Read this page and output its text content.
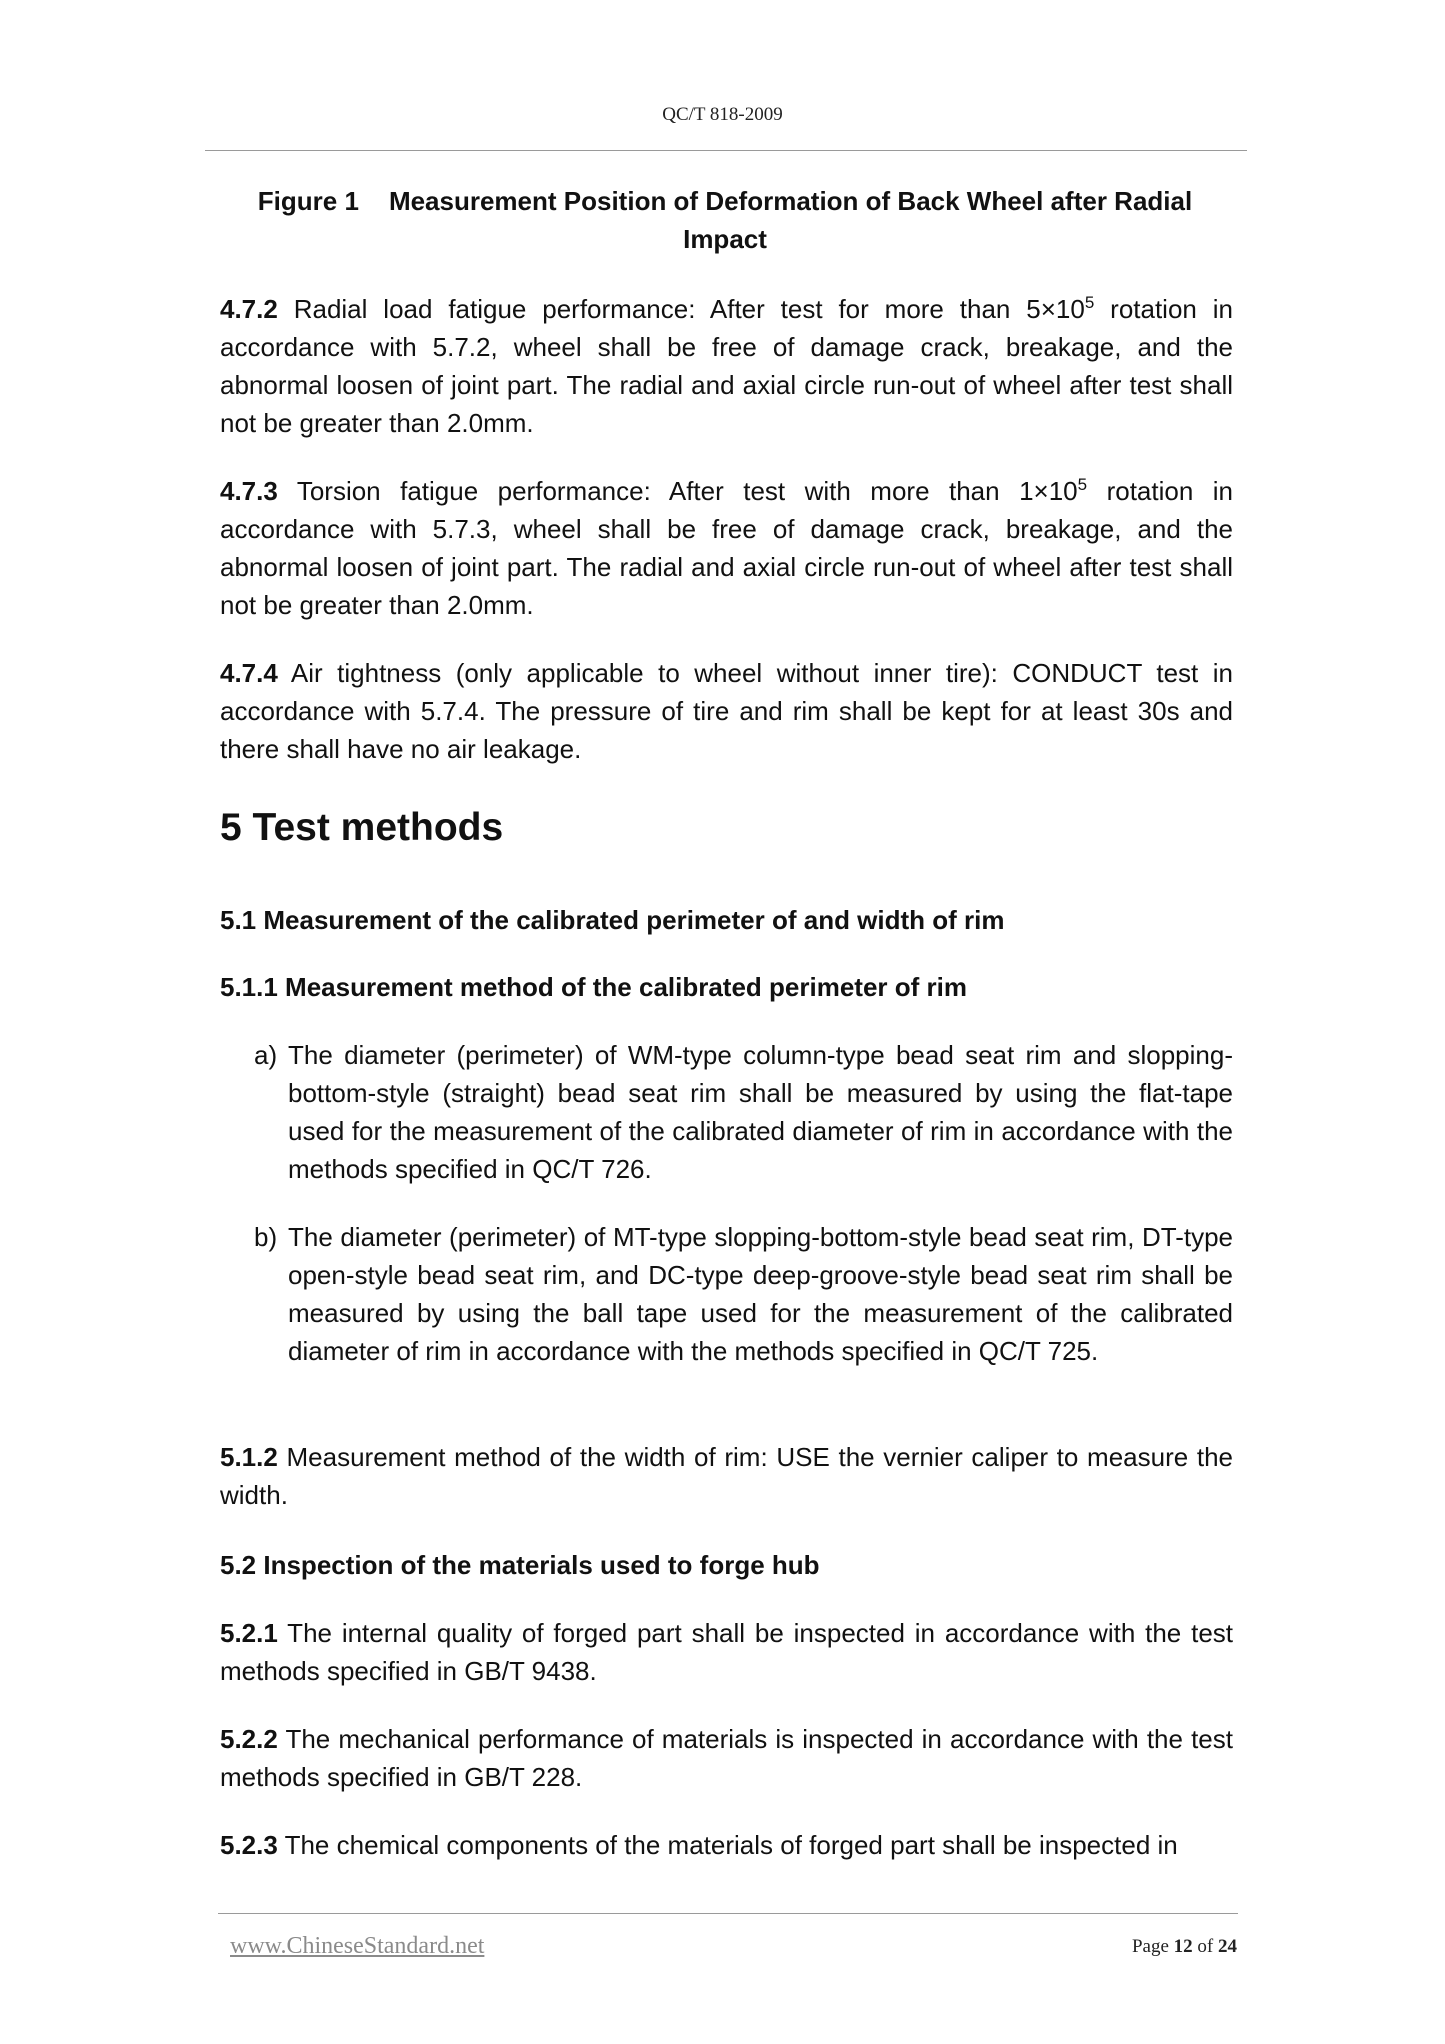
QC/T 818-2009
Figure 1 Measurement Position of Deformation of Back Wheel after Radial Impact
4.7.2 Radial load fatigue performance: After test for more than $5\times 10^5$ rotation in accordance with 5.7.2, wheel shall be free of damage crack, breakage, and the abnormal loosen of joint part. The radial and axial circle run-out of wheel after test shall not be greater than 2.0mm.
4.7.3 Torsion fatigue performance: After test with more than $1\times 10^5$ rotation in accordance with 5.7.3, wheel shall be free of damage crack, breakage, and the abnormal loosen of joint part. The radial and axial circle run-out of wheel after test shall not be greater than 2.0mm.
4.7.4 Air tightness (only applicable to wheel without inner tire): CONDUCT test in accordance with 5.7.4. The pressure of tire and rim shall be kept for at least 30s and there shall have no air leakage.
5 Test methods
5.1 Measurement of the calibrated perimeter of and width of rim
5.1.1 Measurement method of the calibrated perimeter of rim
a) The diameter (perimeter) of WM-type column-type bead seat rim and slopping-bottom-style (straight) bead seat rim shall be measured by using the flat-tape used for the measurement of the calibrated diameter of rim in accordance with the methods specified in QC/T 726.
b) The diameter (perimeter) of MT-type slopping-bottom-style bead seat rim, DT-type open-style bead seat rim, and DC-type deep-groove-style bead seat rim shall be measured by using the ball tape used for the measurement of the calibrated diameter of rim in accordance with the methods specified in QC/T 725.
5.1.2 Measurement method of the width of rim: USE the vernier caliper to measure the width.
5.2 Inspection of the materials used to forge hub
5.2.1 The internal quality of forged part shall be inspected in accordance with the test methods specified in GB/T 9438.
5.2.2 The mechanical performance of materials is inspected in accordance with the test methods specified in GB/T 228.
5.2.3 The chemical components of the materials of forged part shall be inspected in
www.ChineseStandard.net	Page 12 of 24
